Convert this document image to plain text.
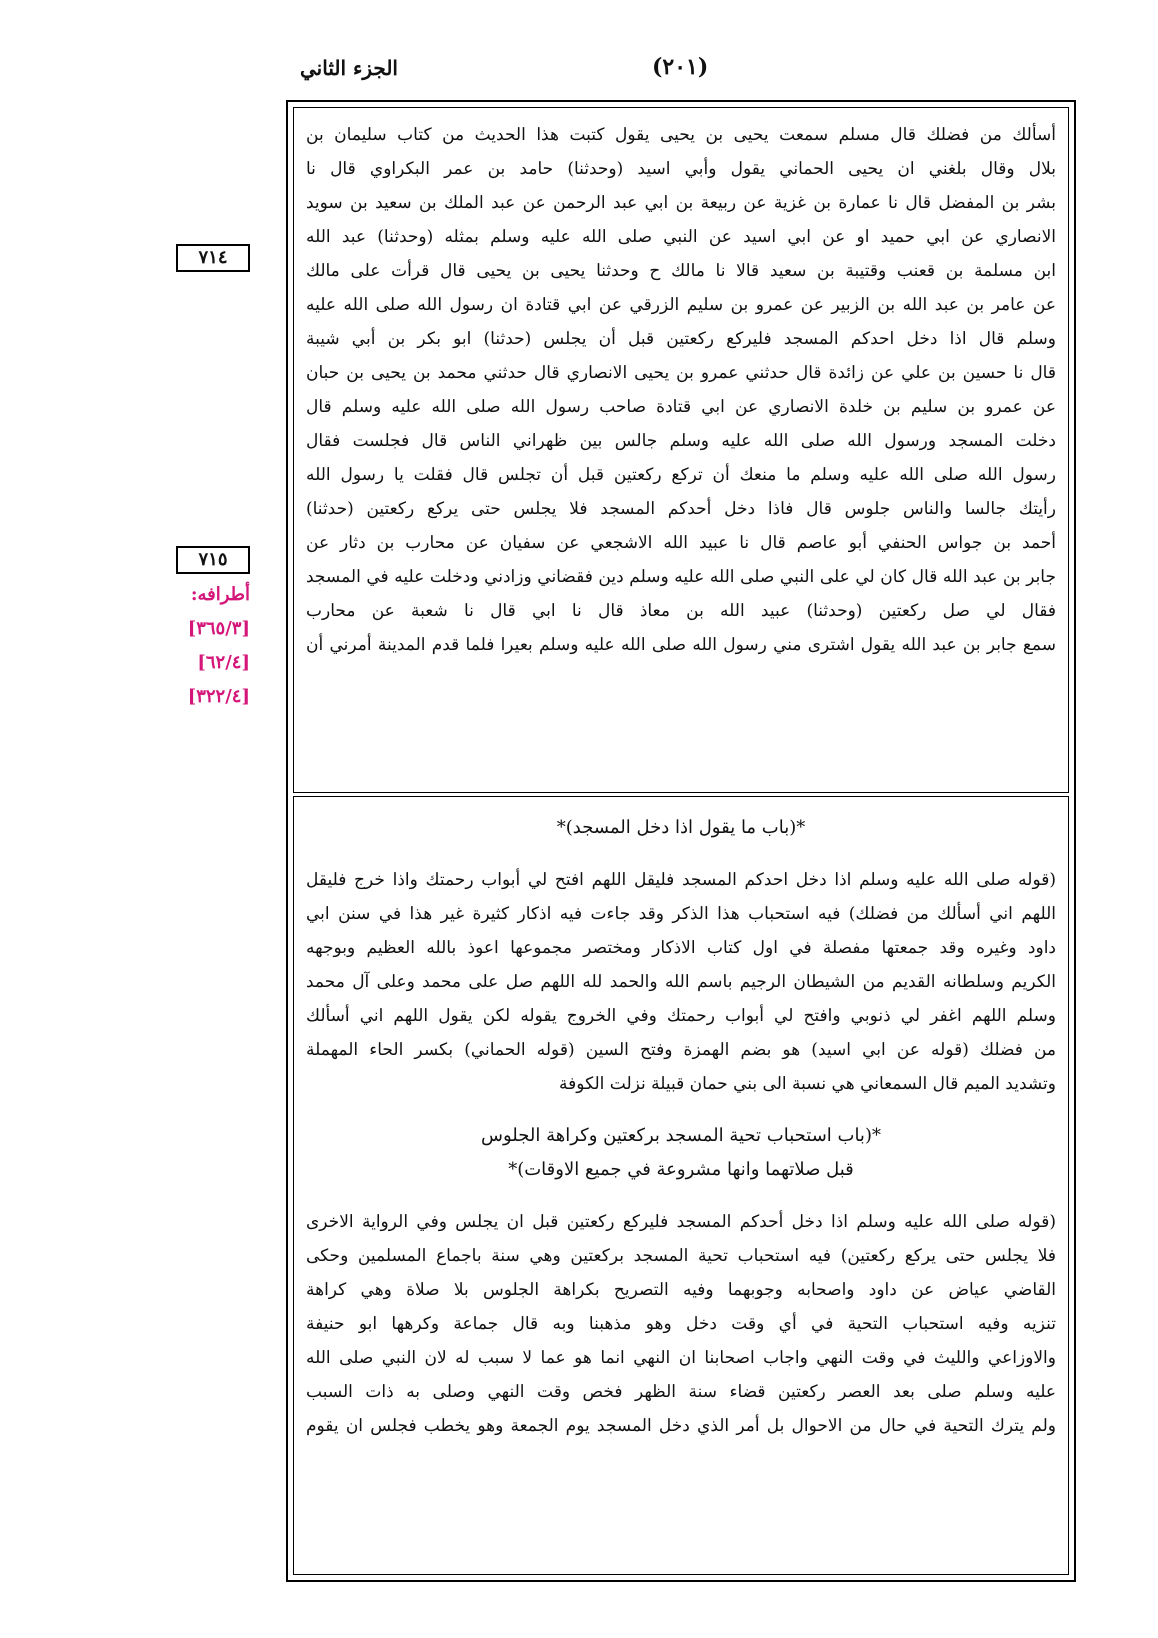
الجزء الثاني	(٢٠١)
٧١٤
٧١٥
أطرافه:
[٣٦٥/٣]
[٦٢/٤]
[٣٢٢/٤]
أسألك من فضلك قال مسلم سمعت يحيى بن يحيى يقول كتبت هذا الحديث من كتاب سليمان بن
بلال وقال بلغني ان يحيى الحماني يقول وأبي اسيد (وحدثنا) حامد بن عمر البكراوي قال نا
بشر بن المفضل قال نا عمارة بن غزية عن ربيعة بن ابي عبد الرحمن عن عبد الملك بن سعيد بن سويد
الانصاري عن ابي حميد او عن ابي اسيد عن النبي صلى الله عليه وسلم بمثله (وحدثنا) عبد الله
ابن مسلمة بن قعنب وقتيبة بن سعيد قالا نا مالك ح وحدثنا يحيى بن يحيى قال قرأت على مالك
عن عامر بن عبد الله بن الزبير عن عمرو بن سليم الزرقي عن ابي قتادة ان رسول الله صلى الله عليه
وسلم قال اذا دخل احدكم المسجد فليركع ركعتين قبل أن يجلس (حدثنا) ابو بكر بن أبي شيبة
قال نا حسين بن علي عن زائدة قال حدثني عمرو بن يحيى الانصاري قال حدثني محمد بن يحيى بن حبان
عن عمرو بن سليم بن خلدة الانصاري عن ابي قتادة صاحب رسول الله صلى الله عليه وسلم قال
دخلت المسجد ورسول الله صلى الله عليه وسلم جالس بين ظهراني الناس قال فجلست فقال
رسول الله صلى الله عليه وسلم ما منعك أن تركع ركعتين قبل أن تجلس قال فقلت يا رسول الله
رأيتك جالسا والناس جلوس قال فاذا دخل أحدكم المسجد فلا يجلس حتى يركع ركعتين (حدثنا)
أحمد بن جواس الحنفي أبو عاصم قال نا عبيد الله الاشجعي عن سفيان عن محارب بن دثار عن
جابر بن عبد الله قال كان لي على النبي صلى الله عليه وسلم دين فقضاني وزادني ودخلت عليه في المسجد
فقال لي صل ركعتين (وحدثنا) عبيد الله بن معاذ قال نا ابي قال نا شعبة عن محارب
سمع جابر بن عبد الله يقول اشترى مني رسول الله صلى الله عليه وسلم بعيرا فلما قدم المدينة أمرني أن
*(باب ما يقول اذا دخل المسجد)*
(قوله صلى الله عليه وسلم اذا دخل احدكم المسجد فليقل اللهم افتح لي أبواب رحمتك واذا خرج فليقل
اللهم اني أسألك من فضلك) فيه استحباب هذا الذكر وقد جاءت فيه اذكار كثيرة غير هذا في سنن ابي
داود وغيره وقد جمعتها مفصلة في اول كتاب الاذكار ومختصر مجموعها اعوذ بالله العظيم وبوجهه
الكريم وسلطانه القديم من الشيطان الرجيم باسم الله والحمد لله اللهم صل على محمد وعلى آل محمد
وسلم اللهم اغفر لي ذنوبي وافتح لي أبواب رحمتك وفي الخروج يقوله لكن يقول اللهم اني أسألك
من فضلك (قوله عن ابي اسيد) هو بضم الهمزة وفتح السين (قوله الحماني) بكسر الحاء المهملة
وتشديد الميم قال السمعاني هي نسبة الى بني حمان قبيلة نزلت الكوفة
*(باب استحباب تحية المسجد بركعتين وكراهة الجلوس
قبل صلاتهما وانها مشروعة في جميع الاوقات)*
(قوله صلى الله عليه وسلم اذا دخل أحدكم المسجد فليركع ركعتين قبل ان يجلس وفي الرواية الاخرى
فلا يجلس حتى يركع ركعتين) فيه استحباب تحية المسجد بركعتين وهي سنة باجماع المسلمين وحكى
القاضي عياض عن داود واصحابه وجوبهما وفيه التصريح بكراهة الجلوس بلا صلاة وهي كراهة
تنزيه وفيه استحباب التحية في أي وقت دخل وهو مذهبنا وبه قال جماعة وكرهها ابو حنيفة
والاوزاعي والليث في وقت النهي واجاب اصحابنا ان النهي انما هو عما لا سبب له لان النبي صلى الله
عليه وسلم صلى بعد العصر ركعتين قضاء سنة الظهر فخص وقت النهي وصلى به ذات السبب
ولم يترك التحية في حال من الاحوال بل أمر الذي دخل المسجد يوم الجمعة وهو يخطب فجلس ان يقوم
